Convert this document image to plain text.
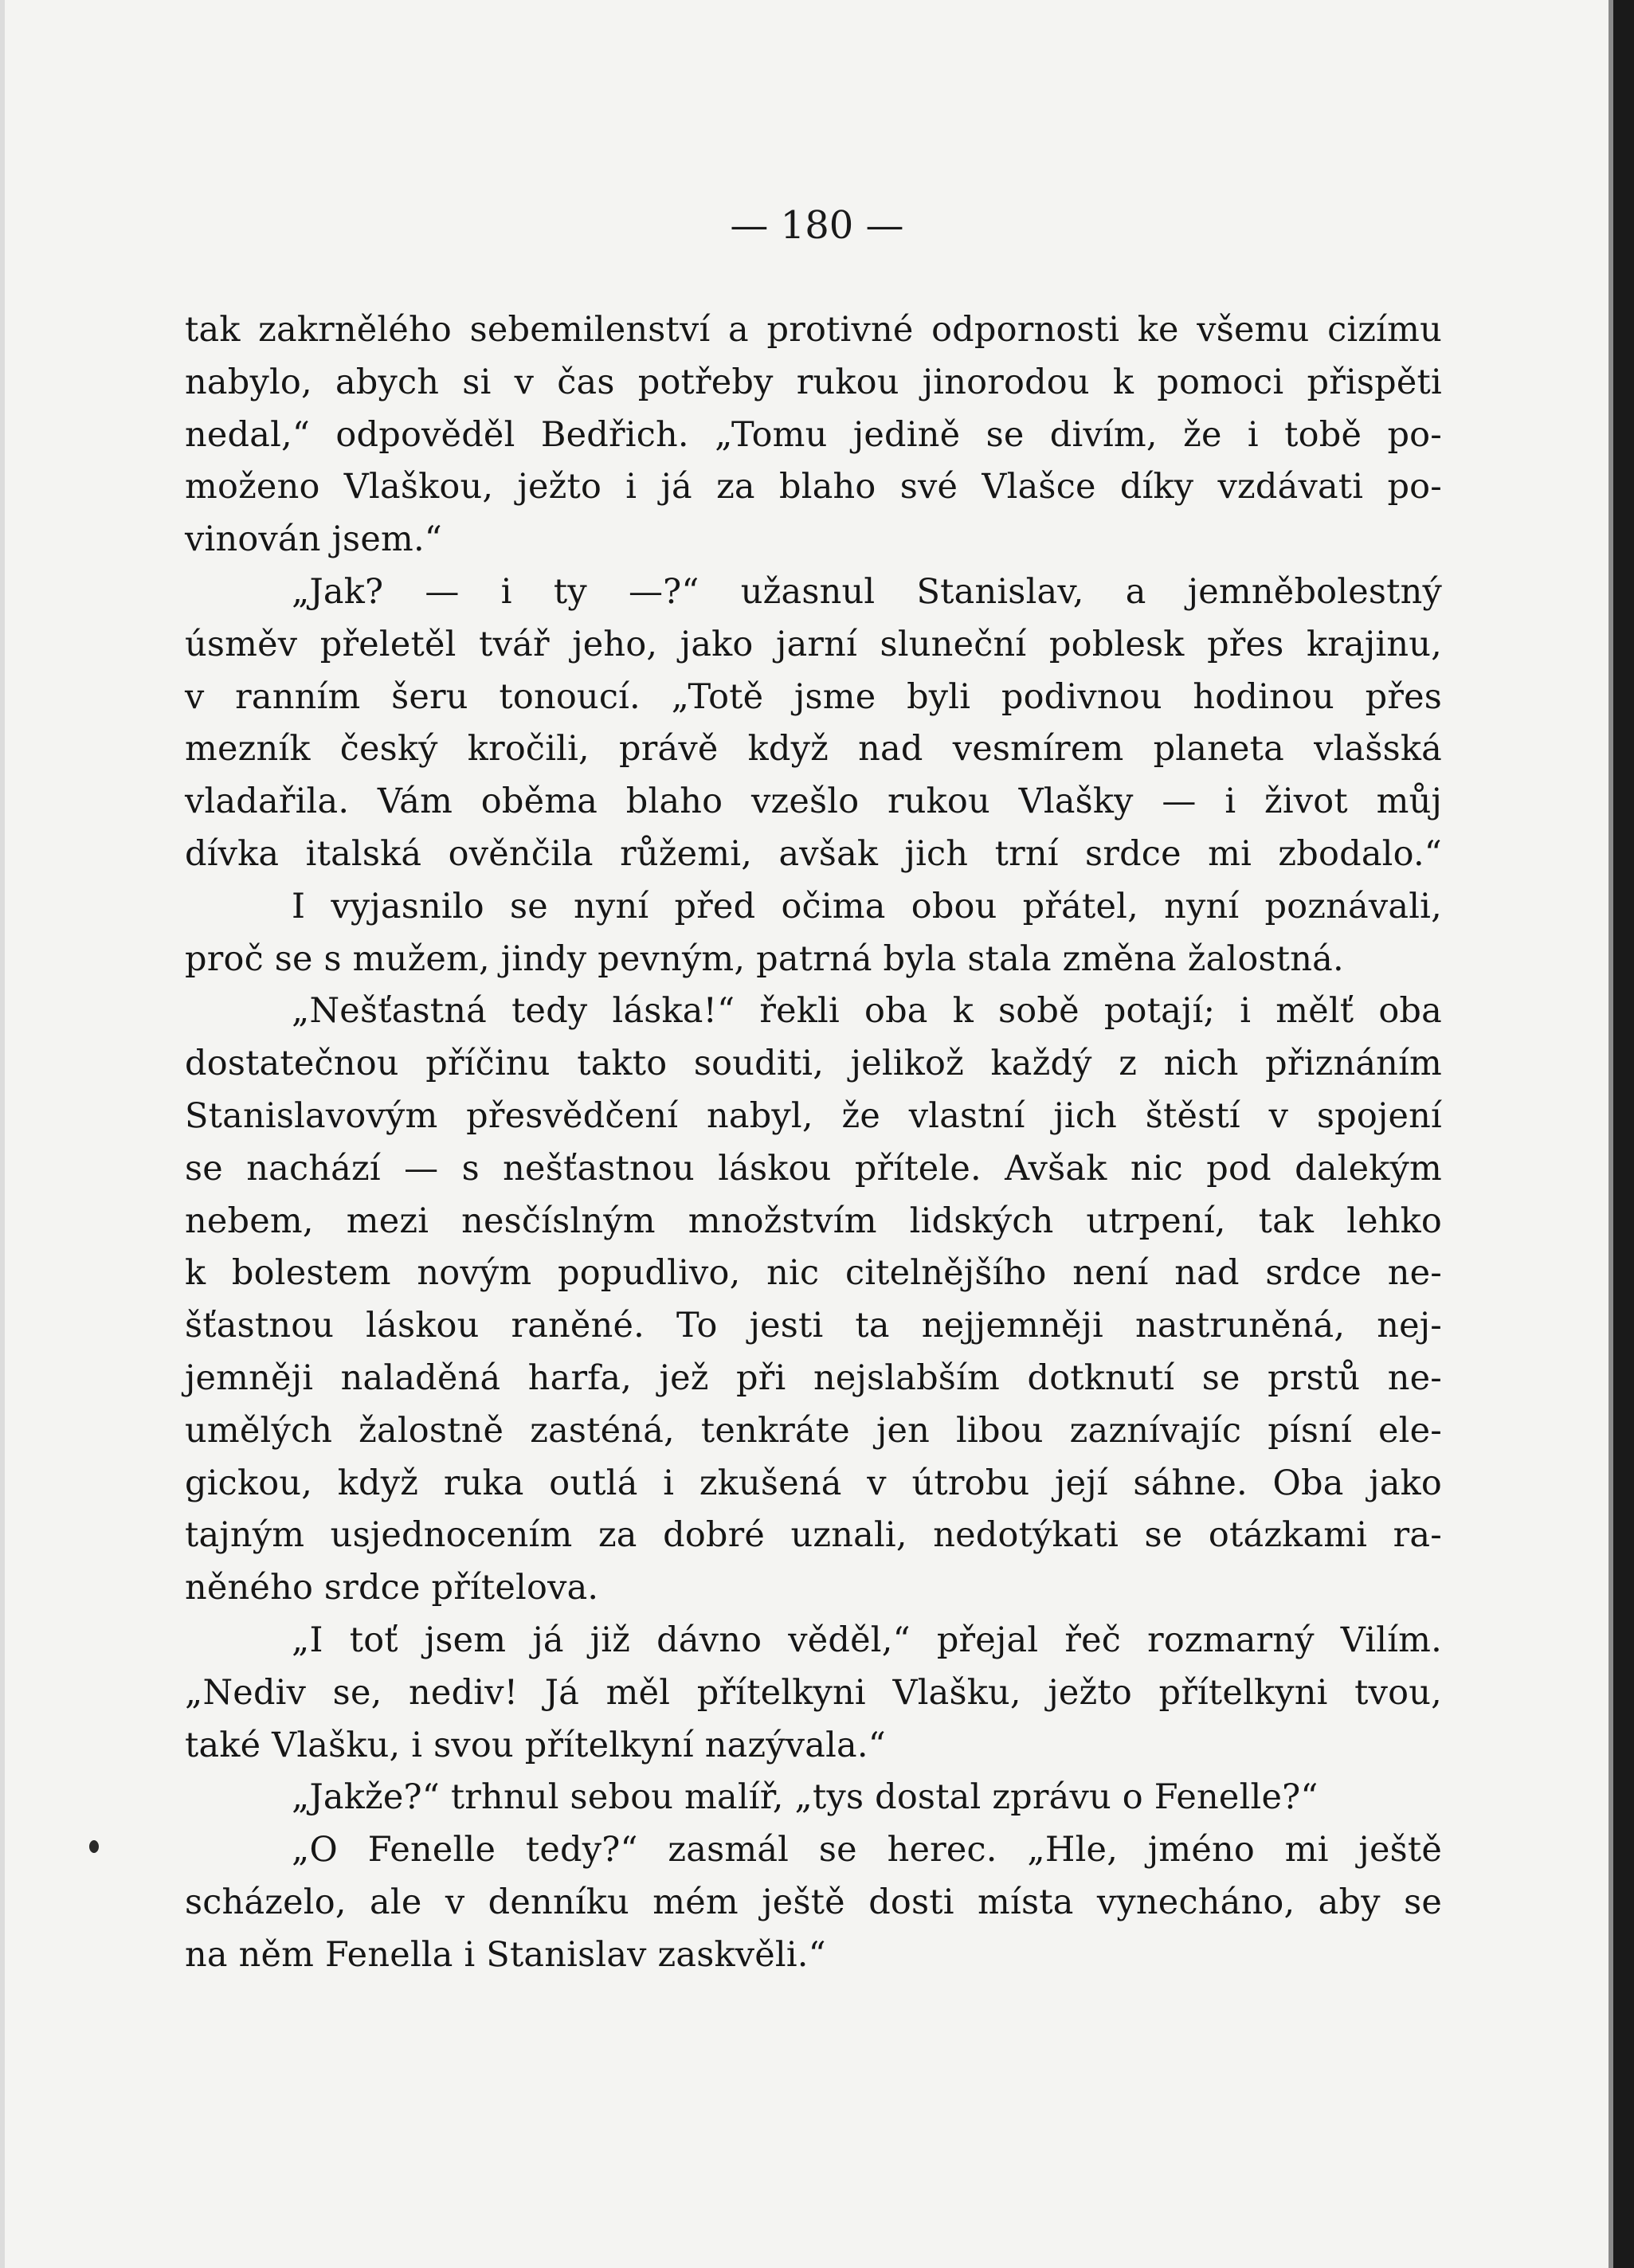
— 180 —
tak zakrnělého sebemilenství a protivné odpornosti ke všemu cizímu
nabylo, abych si v čas potřeby rukou jinorodou k pomoci přispěti
nedal,“ odpověděl Bedřich. „Tomu jedině se divím, že i tobě po-
moženo Vlaškou, ježto i já za blaho své Vlašce díky vzdávati po-
vinován jsem.“
„Jak? — i ty —?“ užasnul Stanislav, a jemněbolestný
úsměv přeletěl tvář jeho, jako jarní sluneční poblesk přes krajinu,
v ranním šeru tonoucí. „Totě jsme byli podivnou hodinou přes
mezník český kročili, právě když nad vesmírem planeta vlašská
vladařila. Vám oběma blaho vzešlo rukou Vlašky — i život můj
dívka italská ověnčila růžemi, avšak jich trní srdce mi zbodalo.“
I vyjasnilo se nyní před očima obou přátel, nyní poznávali,
proč se s mužem, jindy pevným, patrná byla stala změna žalostná.
„Nešťastná tedy láska!“ řekli oba k sobě potají; i mělť oba
dostatečnou příčinu takto souditi, jelikož každý z nich přiznáním
Stanislavovým přesvědčení nabyl, že vlastní jich štěstí v spojení
se nachází — s nešťastnou láskou přítele. Avšak nic pod dalekým
nebem, mezi nesčíslným množstvím lidských utrpení, tak lehko
k bolestem novým popudlivo, nic citelnějšího není nad srdce ne-
šťastnou láskou raněné. To jesti ta nejjemněji nastruněná, nej-
jemněji naladěná harfa, jež při nejslabším dotknutí se prstů ne-
umělých žalostně zasténá, tenkráte jen libou zaznívajíc písní ele-
gickou, když ruka outlá i zkušená v útrobu její sáhne. Oba jako
tajným usjednocením za dobré uznali, nedotýkati se otázkami ra-
něného srdce přítelova.
„I toť jsem já již dávno věděl,“ přejal řeč rozmarný Vilím.
„Nediv se, nediv! Já měl přítelkyni Vlašku, ježto přítelkyni tvou,
také Vlašku, i svou přítelkyní nazývala.“
„Jakže?“ trhnul sebou malíř, „tys dostal zprávu o Fenelle?“
„O Fenelle tedy?“ zasmál se herec. „Hle, jméno mi ještě
scházelo, ale v denníku mém ještě dosti místa vynecháno, aby se
na něm Fenella i Stanislav zaskvěli.“
